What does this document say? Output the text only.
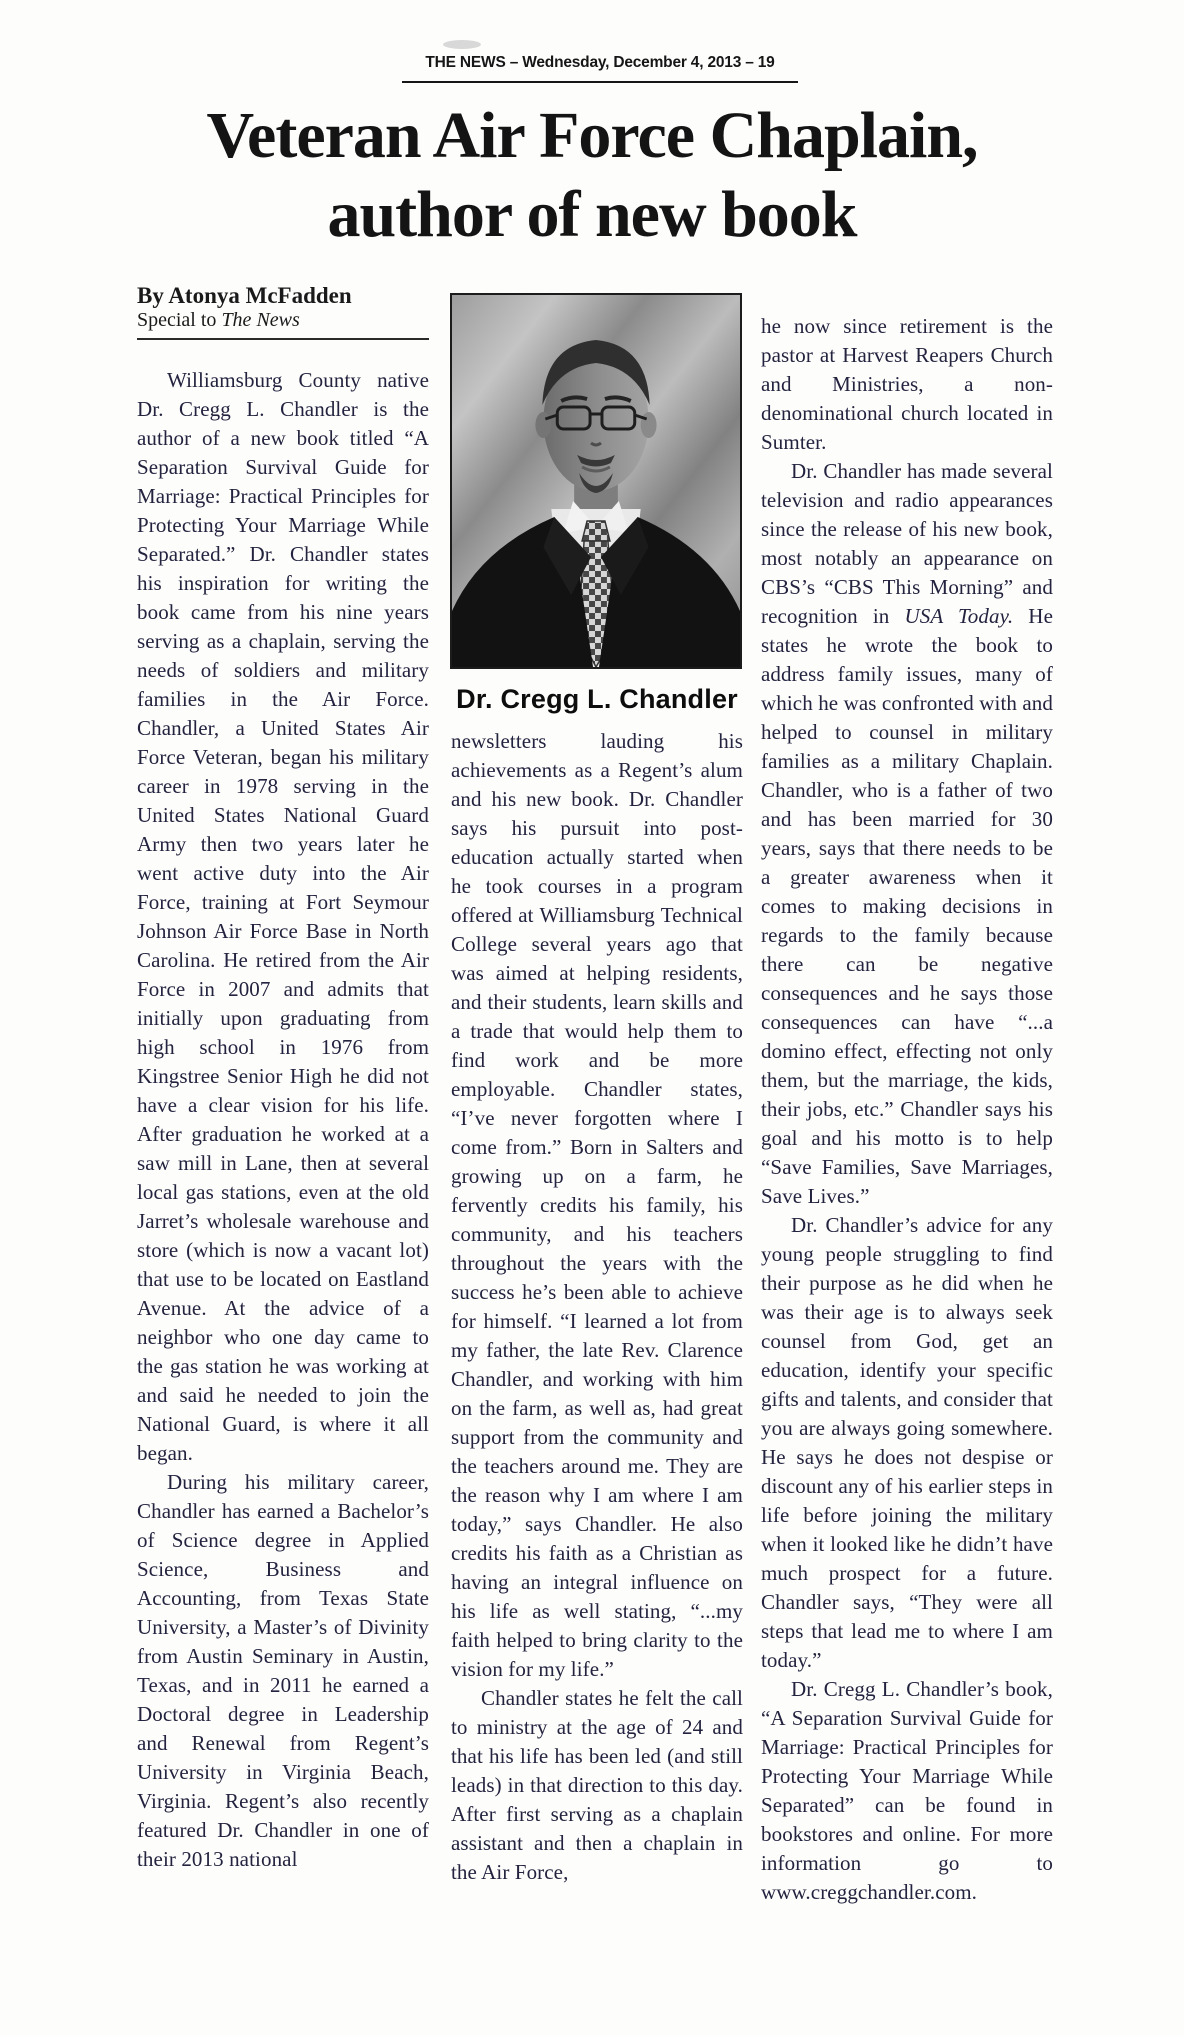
THE NEWS – Wednesday, December 4, 2013 – 19
Veteran Air Force Chaplain,
author of new book
By Atonya McFadden
Special to The News
Dr. Cregg L. Chandler

Williamsburg County native Dr. Cregg L. Chandler is the author of a new book titled “A Separation Survival Guide for Marriage: Practical Principles for Protecting Your Marriage While Separated.” Dr. Chandler states his inspiration for writing the book came from his nine years serving as a chaplain, serving the needs of soldiers and military families in the Air Force. Chandler, a United States Air Force Veteran, began his military career in 1978 serving in the United States National Guard Army then two years later he went active duty into the Air Force, training at Fort Seymour Johnson Air Force Base in North Carolina. He retired from the Air Force in 2007 and admits that initially upon graduating from high school in 1976 from Kingstree Senior High he did not have a clear vision for his life. After graduation he worked at a saw mill in Lane, then at several local gas stations, even at the old Jarret’s wholesale warehouse and store (which is now a vacant lot) that use to be located on Eastland Avenue. At the advice of a neighbor who one day came to the gas station he was working at and said he needed to join the National Guard, is where it all began.

During his military career, Chandler has earned a Bachelor’s of Science degree in Applied Science, Business and Accounting, from Texas State University, a Master’s of Divinity from Austin Seminary in Austin, Texas, and in 2011 he earned a Doctoral degree in Leadership and Renewal from Regent’s University in Virginia Beach, Virginia. Regent’s also recently featured Dr. Chandler in one of their 2013 national

newsletters lauding his achievements as a Regent’s alum and his new book. Dr. Chandler says his pursuit into post-education actually started when he took courses in a program offered at Williamsburg Technical College several years ago that was aimed at helping residents, and their students, learn skills and a trade that would help them to find work and be more employable. Chandler states, “I’ve never forgotten where I come from.” Born in Salters and growing up on a farm, he fervently credits his family, his community, and his teachers throughout the years with the success he’s been able to achieve for himself. “I learned a lot from my father, the late Rev. Clarence Chandler, and working with him on the farm, as well as, had great support from the community and the teachers around me. They are the reason why I am where I am today,” says Chandler. He also credits his faith as a Christian as having an integral influence on his life as well stating, “...my faith helped to bring clarity to the vision for my life.”

Chandler states he felt the call to ministry at the age of 24 and that his life has been led (and still leads) in that direction to this day. After first serving as a chaplain assistant and then a chaplain in the Air Force,

he now since retirement is the pastor at Harvest Reapers Church and Ministries, a non-denominational church located in Sumter.

Dr. Chandler has made several television and radio appearances since the release of his new book, most notably an appearance on CBS’s “CBS This Morning” and recognition in USA Today. He states he wrote the book to address family issues, many of which he was confronted with and helped to counsel in military families as a military Chaplain. Chandler, who is a father of two and has been married for 30 years, says that there needs to be a greater awareness when it comes to making decisions in regards to the family because there can be negative consequences and he says those consequences can have “...a domino effect, effecting not only them, but the marriage, the kids, their jobs, etc.” Chandler says his goal and his motto is to help “Save Families, Save Marriages, Save Lives.”

Dr. Chandler’s advice for any young people struggling to find their purpose as he did when he was their age is to always seek counsel from God, get an education, identify your specific gifts and talents, and consider that you are always going somewhere. He says he does not despise or discount any of his earlier steps in life before joining the military when it looked like he didn’t have much prospect for a future. Chandler says, “They were all steps that lead me to where I am today.”

Dr. Cregg L. Chandler’s book, “A Separation Survival Guide for Marriage: Practical Principles for Protecting Your Marriage While Separated” can be found in bookstores and online. For more information go to www.creggchandler.com.
